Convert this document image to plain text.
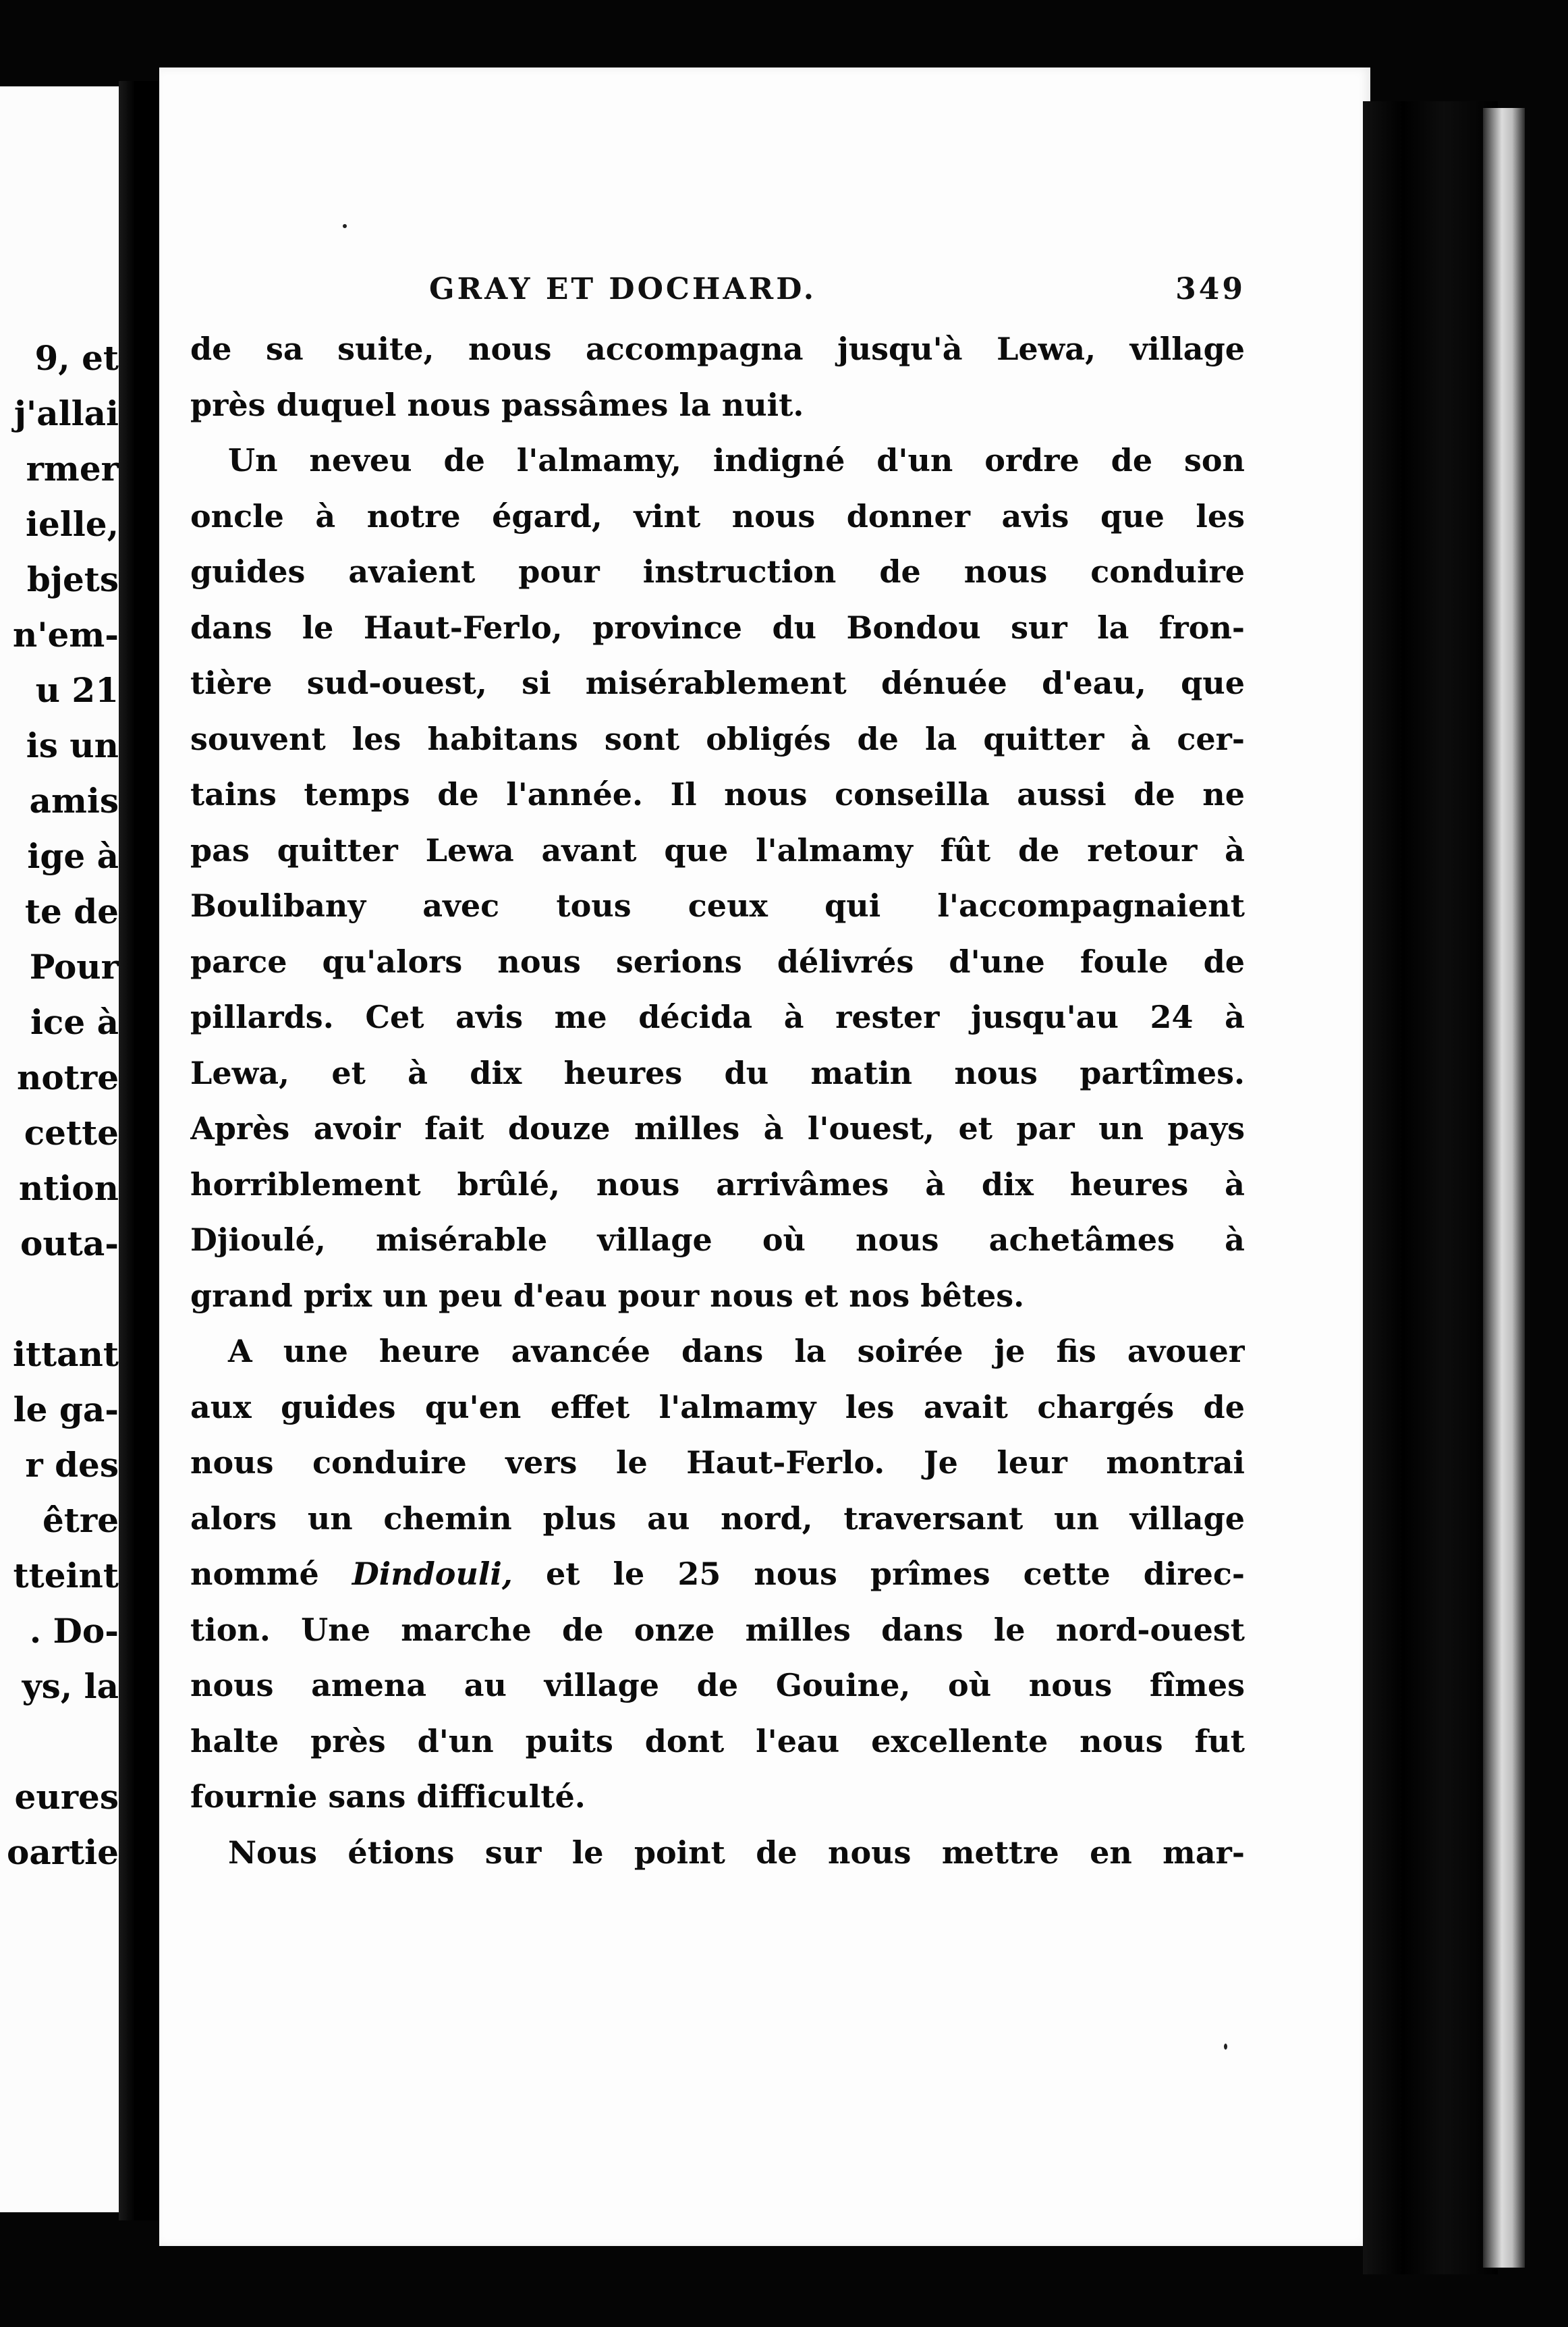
9, et
j'allai
rmer
ielle,
bjets
n'em-
u 21
is un
amis
ige à
te de
Pour
ice à
notre
cette
ntion
outa-
ittant
le ga-
r des
être
tteint
. Do-
ys, la
eures
oartie
GRAY ET DOCHARD.	349

de sa suite, nous accompagna jusqu'à Lewa, village

près duquel nous passâmes la nuit.

Un neveu de l'almamy, indigné d'un ordre de son

oncle à notre égard, vint nous donner avis que les

guides avaient pour instruction de nous conduire

dans le Haut-Ferlo, province du Bondou sur la fron-

tière sud-ouest, si misérablement dénuée d'eau, que

souvent les habitans sont obligés de la quitter à cer-

tains temps de l'année. Il nous conseilla aussi de ne

pas quitter Lewa avant que l'almamy fût de retour à

Boulibany avec tous ceux qui l'accompagnaient

parce qu'alors nous serions délivrés d'une foule de

pillards. Cet avis me décida à rester jusqu'au 24 à

Lewa, et à dix heures du matin nous partîmes.

Après avoir fait douze milles à l'ouest, et par un pays

horriblement brûlé, nous arrivâmes à dix heures à

Djioulé, misérable village où nous achetâmes à

grand prix un peu d'eau pour nous et nos bêtes.

A une heure avancée dans la soirée je fis avouer

aux guides qu'en effet l'almamy les avait chargés de

nous conduire vers le Haut-Ferlo. Je leur montrai

alors un chemin plus au nord, traversant un village

nommé Dindouli, et le 25 nous prîmes cette direc-

tion. Une marche de onze milles dans le nord-ouest

nous amena au village de Gouine, où nous fîmes

halte près d'un puits dont l'eau excellente nous fut

fournie sans difficulté.

Nous étions sur le point de nous mettre en mar-
